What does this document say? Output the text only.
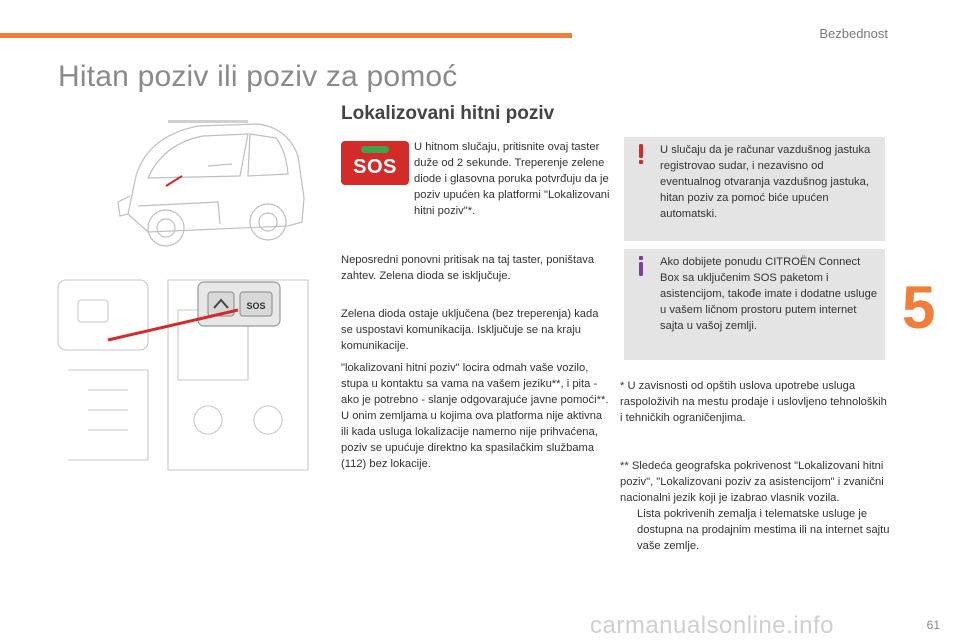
Bezbednost
5
Hitan poziv ili poziv za pomoć
Lokalizovani hitni poziv
SOS
SOS

U hitnom slučaju, pritisnite ovaj taster duže od 2 sekunde. Treperenje zelene diode i glasovna poruka potvrđuju da je poziv upućen ka platformi "Lokalizovani hitni poziv"*.

Neposredni ponovni pritisak na taj taster, poništava zahtev. Zelena dioda se isključuje.

Zelena dioda ostaje uključena (bez treperenja) kada se uspostavi komunikacija. Isključuje se na kraju komunikacije.

"lokalizovani hitni poziv" locira odmah vaše vozilo, stupa u kontaktu sa vama na vašem jeziku**, i pita - ako je potrebno - slanje odgovarajuće javne pomoći**. U onim zemljama u kojima ova platforma nije aktivna ili kada usluga lokalizacije namerno nije prihvaćena, poziv se upućuje direktno ka spasilačkim službama (112) bez lokacije.

U slučaju da je računar vazdušnog jastuka registrovao sudar, i nezavisno od eventualnog otvaranja vazdušnog jastuka, hitan poziv za pomoć biće upućen automatski.

Ako dobijete ponudu CITROËN Connect Box sa uključenim SOS paketom i asistencijom, takođe imate i dodatne usluge u vašem ličnom prostoru putem internet sajta u vašoj zemlji.

* U zavisnosti od opštih uslova upotrebe usluga raspoloživih na mestu prodaje i uslovljeno tehnoloških i tehničkih ograničenjima.
** Sledeća geografska pokrivenost "Lokalizovani hitni poziv", "Lokalizovani poziv za asistencijom" i zvanični nacionalni jezik koji je izabrao vlasnik vozila.
Lista pokrivenih zemalja i telematske usluge je dostupna na prodajnim mestima ili na internet sajtu vaše zemlje.
carmanualsonline.info	61
